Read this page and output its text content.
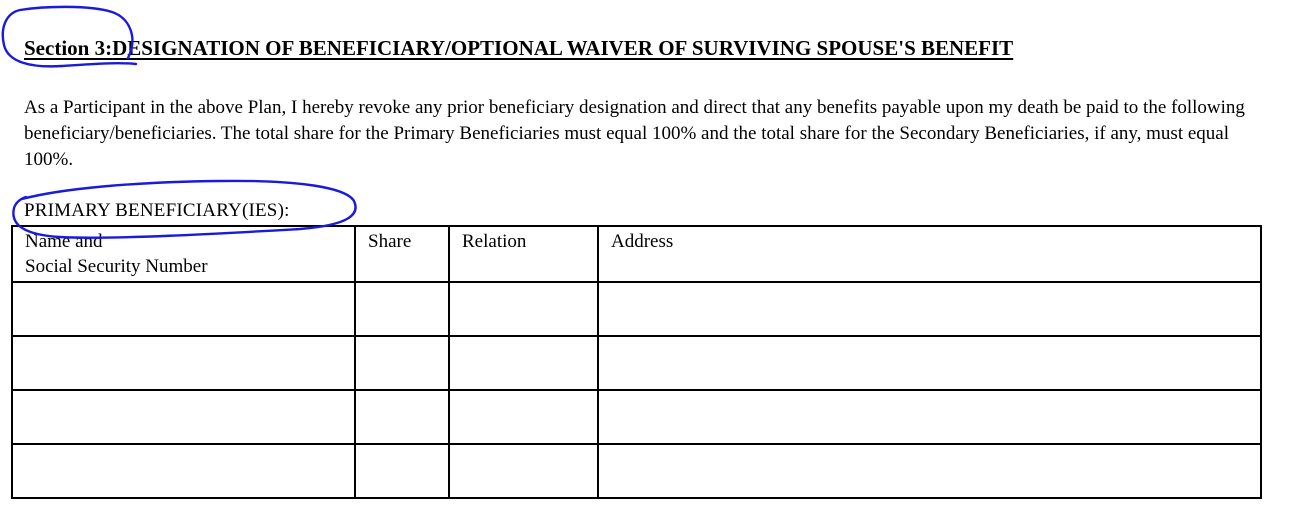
Section 3:DESIGNATION OF BENEFICIARY/OPTIONAL WAIVER OF SURVIVING SPOUSE'S BENEFIT

As a Participant in the above Plan, I hereby revoke any prior beneficiary designation and direct that any benefits payable upon my death be paid to the following beneficiary/beneficiaries. The total share for the Primary Beneficiaries must equal 100% and the total share for the Secondary Beneficiaries, if any, must equal 100%.

PRIMARY BENEFICIARY(IES):
Name and
Social Security Number	Share	Relation	Address
